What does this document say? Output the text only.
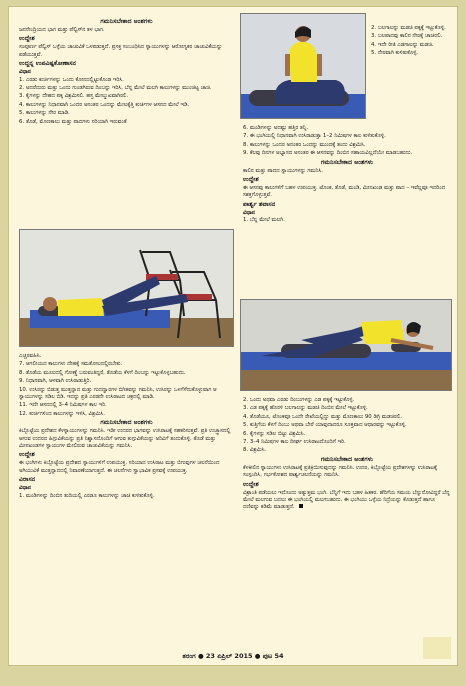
ಗಮನಿಸಬೇಕಾದ ಅಂಶಗಳು

ಜನನೇಂದ್ರಿಯದ ಭಾಗ ಮತ್ತು ಪೆಲ್ವಿಸ್‌ನ ತಳ ಭಾಗ.

ಉದ್ದೇಶ

ಸಂಪೂರ್ಣ ಪೆಲ್ವಿಸ್ ಒಳ್ಳೆಯ ಚಾಚುವಿಕೆ ಒಳಪಡುತ್ತದೆ. ಪ್ರಸಕ್ತ ಸಂಬಂಧಿಸಿದ ಸ್ನಾಯುಗಳನ್ನು ಆರೋಗ್ಯಕರ ಚಾಚುವಿಕೆಯನ್ನು ಪಡೆಯುತ್ತವೆ.

ಉದ್ದನ್ನ ಉಪವಿಷ್ಟಕೋಣಾಸನ
ವಿಧಾನ

1. ಎರಡು ಕುರ್ಚಿಗಳನ್ನು ಒಂದು ಕೋನದಲ್ಲಿಟ್ಟುಕೊಂಡ ಇರಿಸಿ.

2. ಅದರೆದುರು ಮತ್ತು ಒಂದು ಗುಂಡಗಿರುವ ದಿಂಬನ್ನು ಇರಿಸಿ, ಬೆನ್ನ ಮೇಲೆ ಮಲಗಿ ಕಾಲುಗಳನ್ನು ಮುಂಚಿಟ್ಟ ಚಾಚಿ.

3. ಕೈಗಳನ್ನು ದೇಹದ ಪಕ್ಕ ವಿಶ್ರಮಿಸಲಿ. ಹಸ್ತ ಮೇಲ್ಮುಖವಾಗಿರಲಿ.

4. ಕಾಲುಗಳನ್ನು ನಿಧಾನವಾಗಿ ಒಂದರ ಅನಂತರ ಒಂದನ್ನು ಮೇಲಕ್ಕೆತ್ತಿ ಕುರ್ಚಿಗಳ ಆಸನದ ಮೇಲೆ ಇಡಿ.

5. ಕಾಲುಗಳನ್ನು ನೇರ ಮಾಡಿ.

6. ತೊಡೆ, ಮೊಣಕಾಲು ಮತ್ತು ಪಾದಗಳು ಸರಿಯಾಗಿ ಇರುವಂತೆ

2. ಬಲಗಾಲನ್ನು ಮಡಚಿ ಪಕ್ಕಕ್ಕೆ ಇಟ್ಟುಕೊಳ್ಳಿ.

3. ಬಲಪಾದವು ಕಾಲಿನ ನೇರಕ್ಕೆ ಚಾಚಿರಲಿ.

4. ಇದೇ ರೀತಿ ಎಡಗಾಲನ್ನು ಮಡಚಿ.

5. ನೇರವಾಗಿ ಕುಳಿತುಕೊಳ್ಳಿ.

6. ಮಂಡಿಗಳನ್ನು ಅದಷ್ಟು ಹತ್ತಿರ ತನ್ನಿ.

7. ಈ ಭಂಗಿಯಲ್ಲಿ ನಿಧಾನವಾಗಿ ಉಸಿರಾಡುತ್ತಾ 1–2 ನಿಮಿಷಗಳ ಕಾಲ ಕುಳಿತುಕೊಳ್ಳಿ.

8. ಕಾಲುಗಳನ್ನು ಒಂದರ ಅನಂತರ ಒಂದನ್ನು ಮುಂದಕ್ಕೆ ತಂದು ವಿಶ್ರಮಿಸಿ.

9. ಕೆಲವು ದಿನಗಳ ಅಭ್ಯಾಸದ ಅನಂತರ ಈ ಆಸನವನ್ನು ದಿಂಬಿನ ಸಹಾಯವಿಲ್ಲದೆಯೇ ಮಾಡಬಹುದು.

ಗಮನಿಸಬೇಕಾದ ಅಂಶಗಳು

ಕಾಲಿನ ಮತ್ತು ಪಾದದ ಸ್ನಾಯುಗಳನ್ನು ಗಮನಿಸಿ.

ಉದ್ದೇಶ

ಈ ಆಸನವು ಕಾಲುಗಳಿಗೆ ಬಹಳ ಉಪಯುಕ್ತ. ಟೊಂಕ, ತೊಡೆ, ಮಂಡಿ, ಮೀನಖಂಡ ಮತ್ತು ಪಾದ – ಇವೆಲ್ಲವೂ ಇದರಿಂದ ಸಶಕ್ತಗೊಳ್ಳುತ್ತವೆ.

ಪಾರ್ಶ್ವ ಶವಾಸನ
ವಿಧಾನ

1. ಬೆನ್ನ ಮೇಲೆ ಮಲಗಿ.

ಎಚ್ಚರವಹಿಸಿ.

7. ಆಗಲೀಯದ ಕಾಲುಗಳು ದೇಹಕ್ಕೆ ಸಮತೋಲದಲ್ಲಿರಬೇಕು.

8. ತೊಡೆಯ ಮೂಲದಲ್ಲಿ ಗೋಣ್ಣೆ ಬರುವಂತಿದ್ದರೆ, ತೊಡೆಯ ಕೆಳಗೆ ದಿಂಬನ್ನು ಇಟ್ಟುಕೊಳ್ಳಬಹುದು.

9. ನಿಧಾನವಾಗಿ, ಆಳವಾಗಿ ಉಸಿರಾಡುತ್ತಿರಿ.

10. ಉಸಿರನ್ನು ಬಿಡುತ್ತ ಮುತ್ತನ್ನಾದ ಮತ್ತು ಗುದದ್ವಾರಗಳ ಬಿಗಿತವನ್ನು ಗಮನಿಸಿ, ಉಸಿರನ್ನು ಒಳಗೆಳೆದುಕೊಳ್ಳುವಾಗ ಆ ಸ್ನಾಯುಗಳನ್ನು ಸಡಿಲ ಬಿಡಿ. ಇದನ್ನು ಪ್ರತಿ ಎರಡನೇ ಉಸಿರಾಟದ ಚಕ್ರದಲ್ಲಿ ಮಾಡಿ.

11. ಇದೇ ಆಸನದಲ್ಲಿ 3–4 ನಿಮಿಷಗಳ ಕಾಲ ಇರಿ.

12. ಕುರ್ಚಿಗಳಿಂದ ಕಾಲುಗಳನ್ನು ಇಳಿಸಿ, ವಿಶ್ರಮಿಸಿ.

ಗಮನಿಸಬೇಕಾದ ಅಂಶಗಳು

ಕಿಬ್ಬೊಟ್ಟೆಯ ಪ್ರದೇಶದ ಕೆಳಸ್ನಾಯುಗಳನ್ನು ಗಮನಿಸಿ. ಇಡೀ ಉದರದ ಭಾಗವನ್ನು ಉಸಿರಾಟಕ್ಕೆ ಸಹಕರಿಸುತ್ತವೆ. ಪ್ರತಿ ಉಚ್ಛ್ವಾಸದಲ್ಲಿ ಆಗುವ ಉದರದ ಹಿಗ್ಗುವಿಕೆಯನ್ನು ಪ್ರತಿ ನಿಶ್ವಾಸದೊಂದಿಗೆ ಆಗುವ ಕುಗ್ಗುವಿಕೆಯನ್ನು ಅರಿವಿಗೆ ತಂದುಕೊಳ್ಳಿ. ತೊಡೆ ಮತ್ತು ಮೀನಖಂಡಗಳ ಸ್ನಾಯುಗಳ ಮೇಲಿರುವ ಚಾಚುವಿಕೆಯನ್ನು ಗಮನಿಸಿ.

ಉದ್ದೇಶ

ಈ ಭಂಗಿಗಳು ಕಿಬ್ಬೊಟ್ಟೆಯ ಪ್ರದೇಶದ ಸ್ನಾಯುಗಳಿಗೆ ಉಪಯುಕ್ತ. ಸರಿಯಾದ ಉಸಿರಾಟ ಮತ್ತು ಬಿಗುವುಗಳ ಚಲನೆಯಿಂದ ಅಗಿಯುವಿಕೆ ಮುತ್ತನ್ನಾದದಲ್ಲಿ ನಿವಾರಣೆಯಾಗುತ್ತದೆ. ಈ ಚಲನೆಗಳು ಸ್ವಾಭಾವಿಕ ಪ್ರಸವಕ್ಕೆ ಉಪಯುಕ್ತ.

ವಿರಾಸನ
ವಿಧಾನ

1. ಮಂಡಿಗಳನ್ನು ದಿಂಬಿನ ತುದಿಯಲ್ಲಿ ಎರಡೂ ಕಾಲುಗಳನ್ನು ಚಾಚಿ ಕುಳಿತುಕೊಳ್ಳಿ.

2. ಒಂದು ಅಥವಾ ಎರಡು ದಿಂಬುಗಳನ್ನು ಎಡ ಪಕ್ಕಕ್ಕೆ ಇಟ್ಟುಕೊಳ್ಳಿ.

3. ಎಡ ಪಕ್ಕಕ್ಕೆ ಹೊರಳಿ ಬಲಗಾಲನ್ನು ಮಡಚಿ ದಿಂಬಿನ ಮೇಲೆ ಇಟ್ಟುಕೊಳ್ಳಿ.

4. ತೊಡೆಯೂ, ಟೊಂಕವೂ ಒಂದೇ ರೇಖೆಯಲ್ಲಿದ್ದು ಮತ್ತು ಮೊಣಕಾಲು 90 ಡಿಗ್ರಿ ಮಡಚಿರಲಿ.

5. ಕುತ್ತಿಗೆಯ ಕೆಳಗೆ ದಿಂಬು ಅಥವಾ ಬೇರೆ ಯಾವುದಾದರೂ ಸೂಕ್ತವಾದ ಆಧಾರವನ್ನು ಇಟ್ಟುಕೊಳ್ಳಿ.

6. ಕೈಗಳನ್ನು ಸಡಿಲ ಬಿಟ್ಟು ವಿಶ್ರಮಿಸಿ.

7. 3–4 ನಿಮಿಷಗಳ ಕಾಲ ದೀರ್ಘ ಉಸಿರಾಟದೊಂದಿಗೆ ಇರಿ.

8. ವಿಶ್ರಮಿಸಿ.

ಗಮನಿಸಬೇಕಾದ ಅಂಶಗಳು

ಕೆಳಕೀಲಿನ ಸ್ನಾಯುಗಳು ಉಸಿರಾಟಕ್ಕೆ ಪ್ರತಿಕ್ರಿಯಿಸುವುದನ್ನು ಗಮನಿಸಿ. ಉದರ, ಕಿಬ್ಬೊಟ್ಟೆಯ ಪ್ರದೇಶಗಳನ್ನು ಉಸಿರಾಟಕ್ಕೆ ಸಂಸ್ಪಂದಿಸಿ, ಗರ್ಭಕೋಶದ ಪಾರ್ಶ್ವಚಲನೆಯನ್ನು ಗಮನಿಸಿ.

ಉದ್ದೇಶ

ವಿಶ್ರಾಂತಿ ಪಡೆಯಲು ಇದೊಂದು ಅತ್ಯುತ್ತಮ ಭಂಗಿ. ಬೆನ್ನಿಗೆ ಇದು ಬಹಳ ಹಿತಕರ. ಹೆರಿಗೆಯ ಸಮಯ ಬೆನ್ನುನೋವಿದ್ದರೆ ಬೆನ್ನ ಮೇಲೆ ಮಲಗುವ ಬದಲು ಈ ಭಂಗಿಯಲ್ಲಿ ಮಲಗಬಹುದು. ಈ ಭಂಗಿಯು ಒಳ್ಳೆಯ ನಿದ್ರೆಯನ್ನು ಕೊಡುತ್ತದೆ ಹಾಗೂ ದಣಿವನ್ನು ಕಡಿಮೆ ಮಾಡುತ್ತದೆ.

ತರಂಗ ● 23 ಏಪ್ರಿಲ್ 2015 ● ಪುಟ 54
